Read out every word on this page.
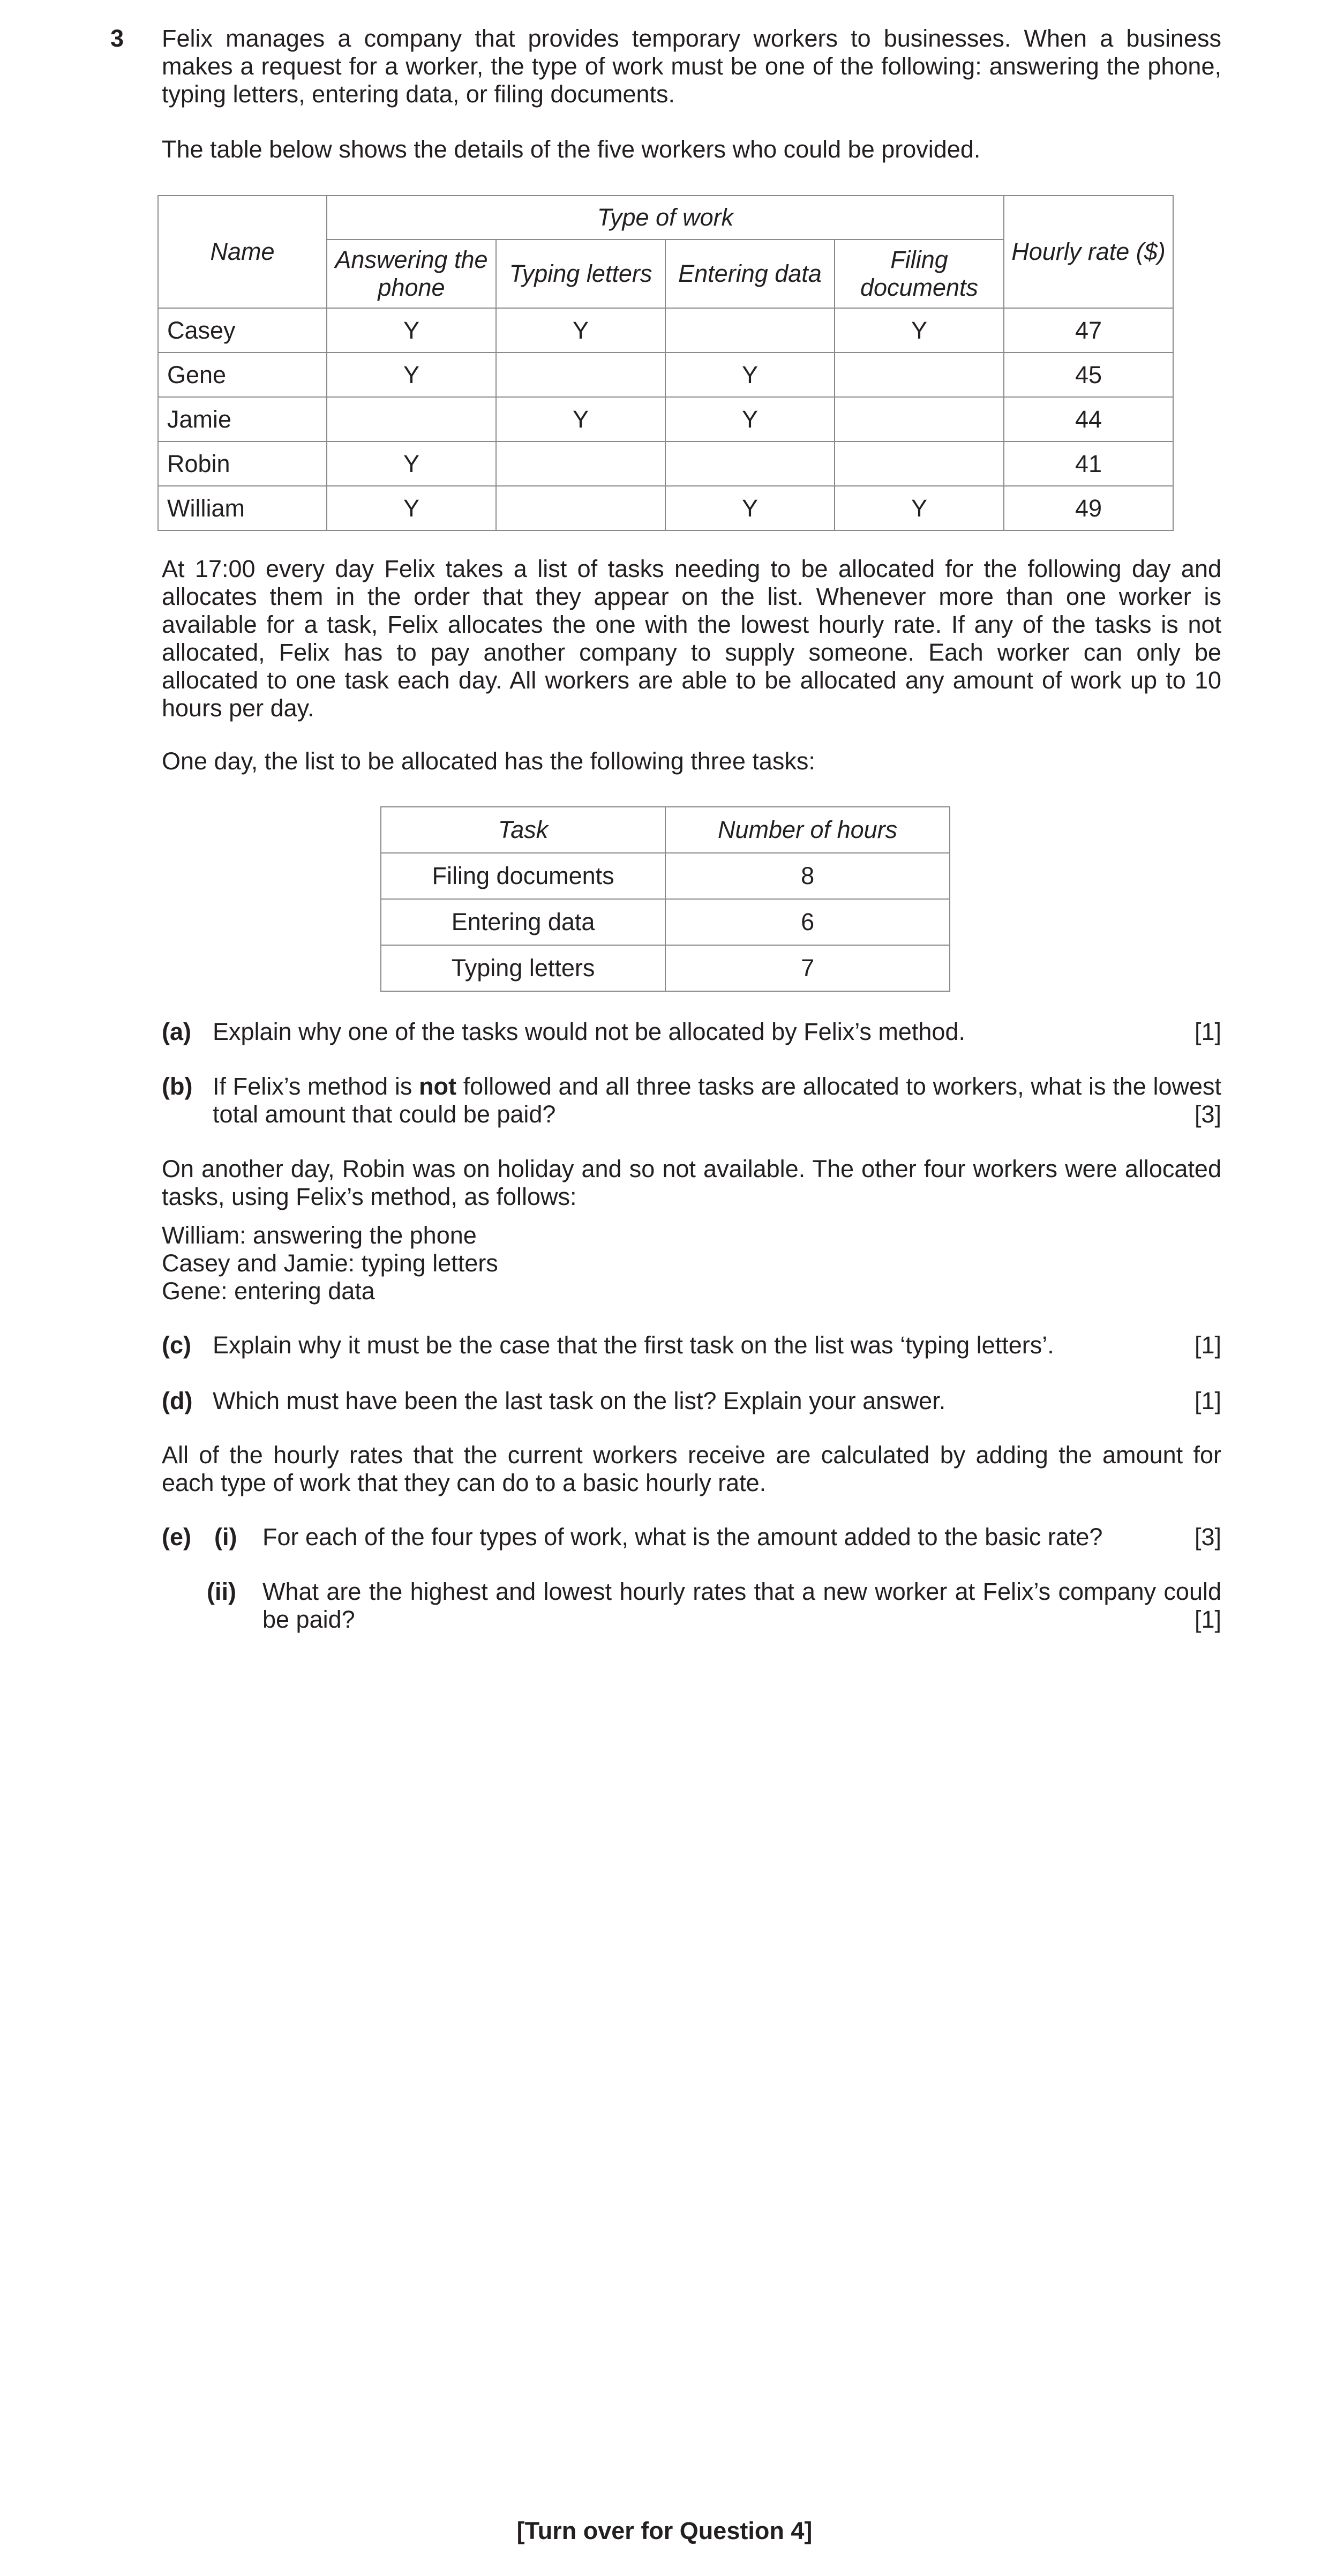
3 Felix manages a company that provides temporary workers to businesses. When a business makes a request for a worker, the type of work must be one of the following: answering the phone, typing letters, entering data, or filing documents.
The table below shows the details of the five workers who could be provided.
Name	Type of work				Hourly rate ($)
	Answering the phone	Typing letters	Entering data	Filing documents	
Casey	Y	Y		Y	47
Gene	Y		Y		45
Jamie		Y	Y		44
Robin	Y				41
William	Y		Y	Y	49
At 17:00 every day Felix takes a list of tasks needing to be allocated for the following day and allocates them in the order that they appear on the list. Whenever more than one worker is available for a task, Felix allocates the one with the lowest hourly rate. If any of the tasks is not allocated, Felix has to pay another company to supply someone. Each worker can only be allocated to one task each day. All workers are able to be allocated any amount of work up to 10 hours per day.
One day, the list to be allocated has the following three tasks:
Task	Number of hours
Filing documents	8
Entering data	6
Typing letters	7
(a) Explain why one of the tasks would not be allocated by Felix’s method.	[1]
(b) If Felix’s method is not followed and all three tasks are allocated to workers, what is the lowest total amount that could be paid?	[3]
On another day, Robin was on holiday and so not available. The other four workers were allocated tasks, using Felix’s method, as follows:
William: answering the phone
Casey and Jamie: typing letters
Gene: entering data
(c) Explain why it must be the case that the first task on the list was ‘typing letters’.	[1]
(d) Which must have been the last task on the list? Explain your answer.	[1]
All of the hourly rates that the current workers receive are calculated by adding the amount for each type of work that they can do to a basic hourly rate.
(e) (i) For each of the four types of work, what is the amount added to the basic rate?	[3]
(ii) What are the highest and lowest hourly rates that a new worker at Felix’s company could be paid?	[1]
[Turn over for Question 4]
